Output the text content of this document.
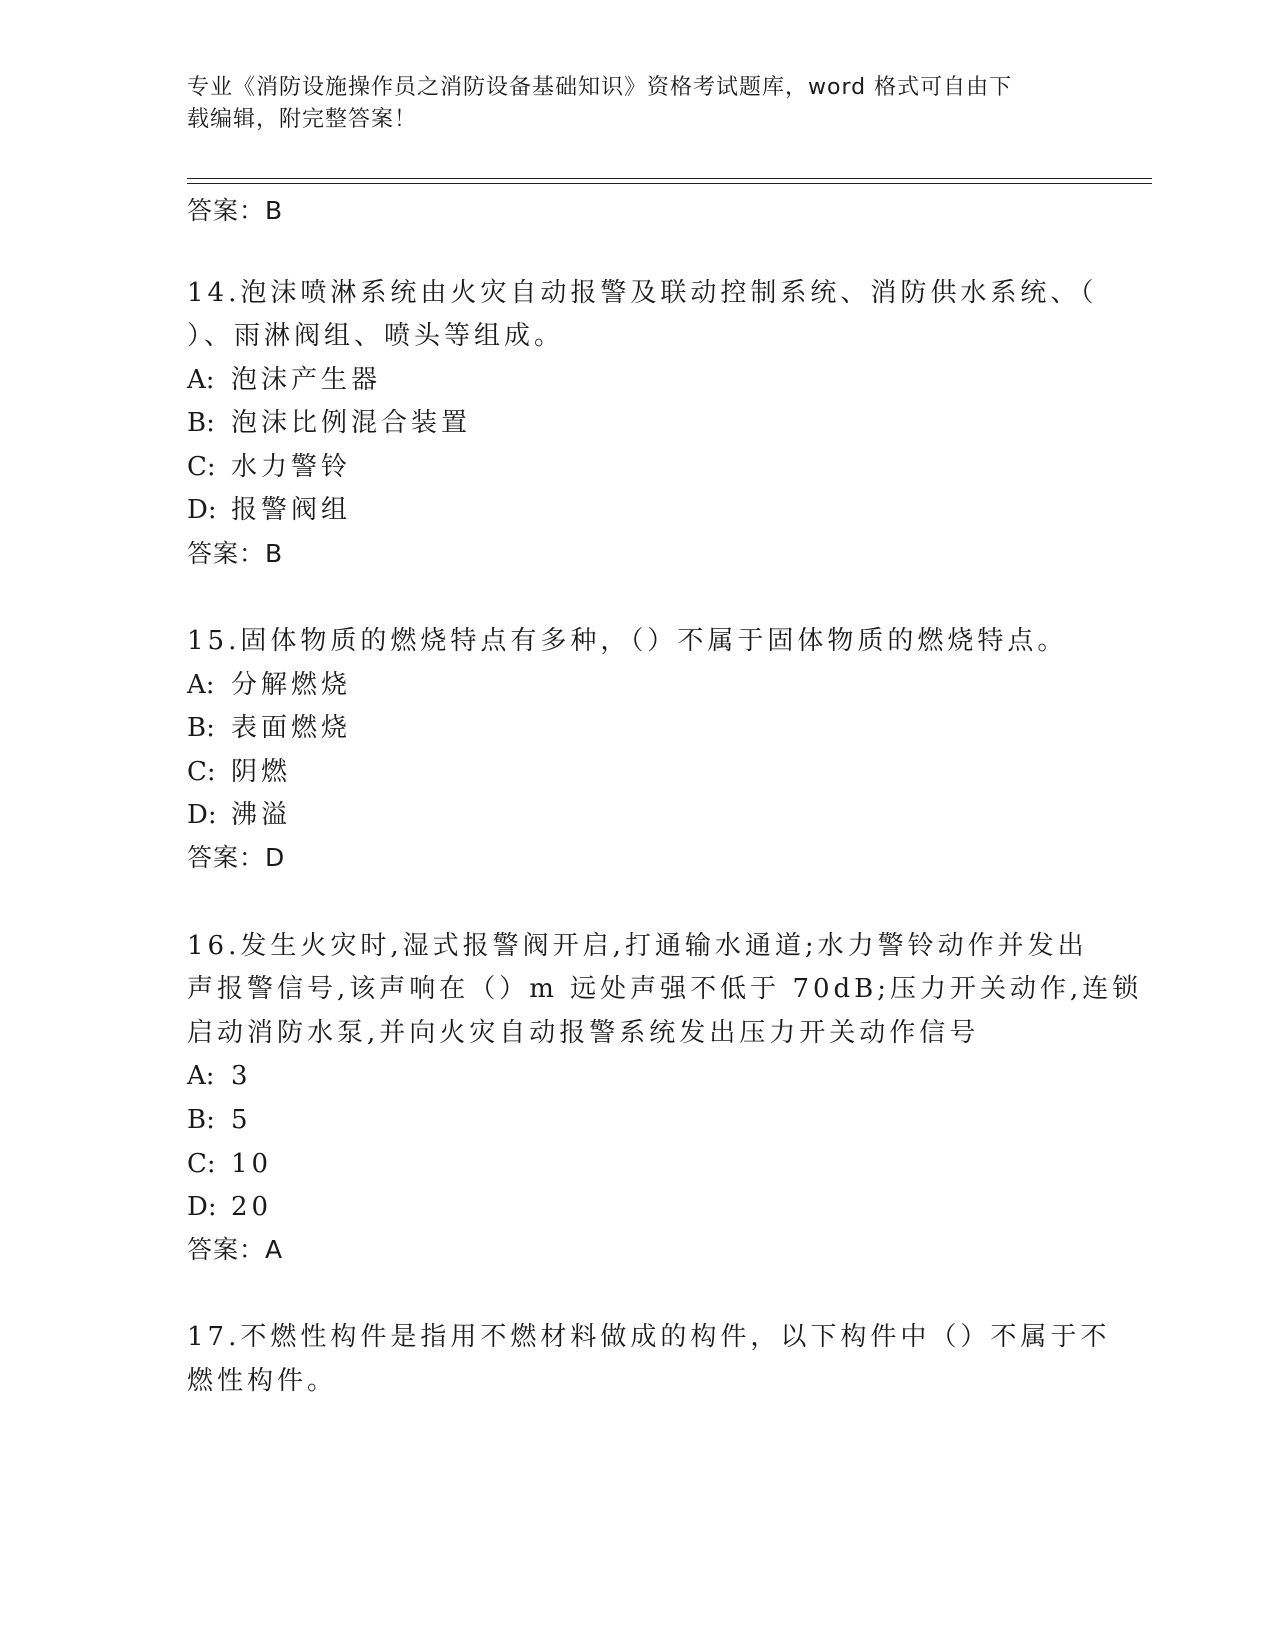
专业《消防设施操作员之消防设备基础知识》资格考试题库，word 格式可自由下
载编辑，附完整答案！
答案：B
14.泡沫喷淋系统由火灾自动报警及联动控制系统、消防供水系统、（
）、雨淋阀组、喷头等组成。
A: 泡沫产生器
B: 泡沫比例混合装置
C: 水力警铃
D: 报警阀组
答案：B
15.固体物质的燃烧特点有多种，（）不属于固体物质的燃烧特点。
A: 分解燃烧
B: 表面燃烧
C: 阴燃
D: 沸溢
答案：D
16.发生火灾时,湿式报警阀开启,打通输水通道;水力警铃动作并发出
声报警信号,该声响在（）m 远处声强不低于 70dB;压力开关动作,连锁
启动消防水泵,并向火灾自动报警系统发出压力开关动作信号
A: 3
B: 5
C: 10
D: 20
答案：A
17.不燃性构件是指用不燃材料做成的构件，以下构件中（）不属于不
燃性构件。
